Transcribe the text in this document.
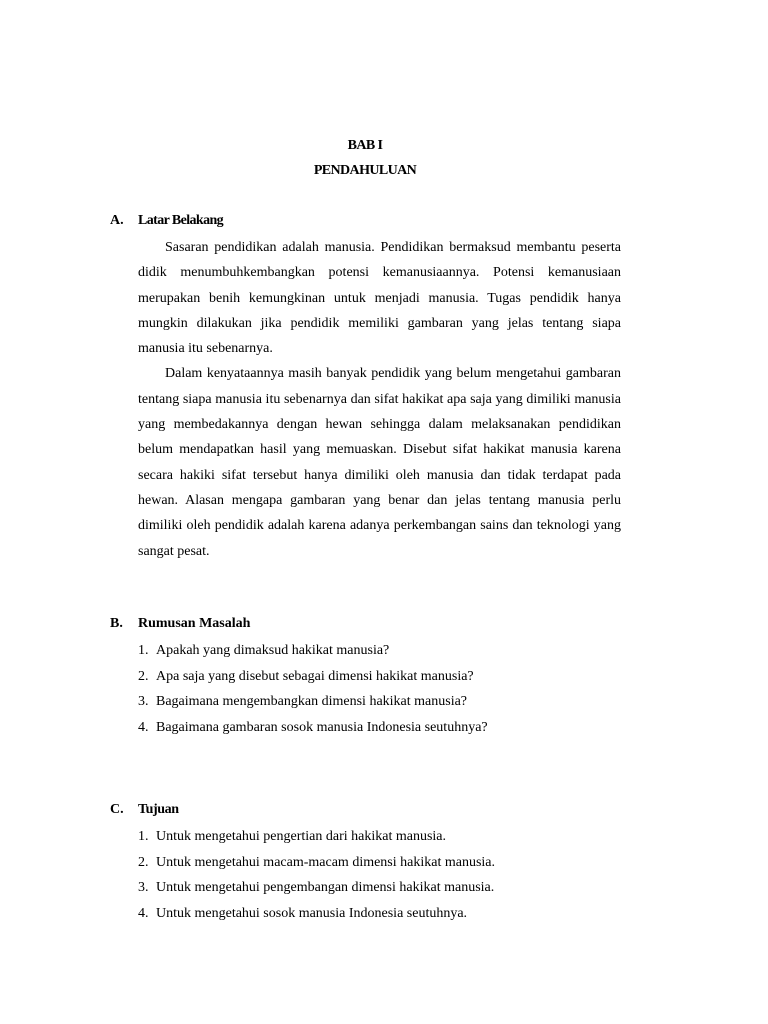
BAB I
PENDAHULUAN
A. Latar Belakang

Sasaran pendidikan adalah manusia. Pendidikan bermaksud membantu peserta didik menumbuhkembangkan potensi kemanusiaannya. Potensi kemanusiaan merupakan benih kemungkinan untuk menjadi manusia. Tugas pendidik hanya mungkin dilakukan jika pendidik memiliki gambaran yang jelas tentang siapa manusia itu sebenarnya.

Dalam kenyataannya masih banyak pendidik yang belum mengetahui gambaran tentang siapa manusia itu sebenarnya dan sifat hakikat apa saja yang dimiliki manusia yang membedakannya dengan hewan sehingga dalam melaksanakan pendidikan belum mendapatkan hasil yang memuaskan. Disebut sifat hakikat manusia karena secara hakiki sifat tersebut hanya dimiliki oleh manusia dan tidak terdapat pada hewan. Alasan mengapa gambaran yang benar dan jelas tentang manusia perlu dimiliki oleh pendidik adalah karena adanya perkembangan sains dan teknologi yang sangat pesat.

B. Rumusan Masalah
1. Apakah yang dimaksud hakikat manusia?
2. Apa saja yang disebut sebagai dimensi hakikat manusia?
3. Bagaimana mengembangkan dimensi hakikat manusia?
4. Bagaimana gambaran sosok manusia Indonesia seutuhnya?
C. Tujuan
1. Untuk mengetahui pengertian dari hakikat manusia.
2. Untuk mengetahui macam-macam dimensi hakikat manusia.
3. Untuk mengetahui pengembangan dimensi hakikat manusia.
4. Untuk mengetahui sosok manusia Indonesia seutuhnya.
